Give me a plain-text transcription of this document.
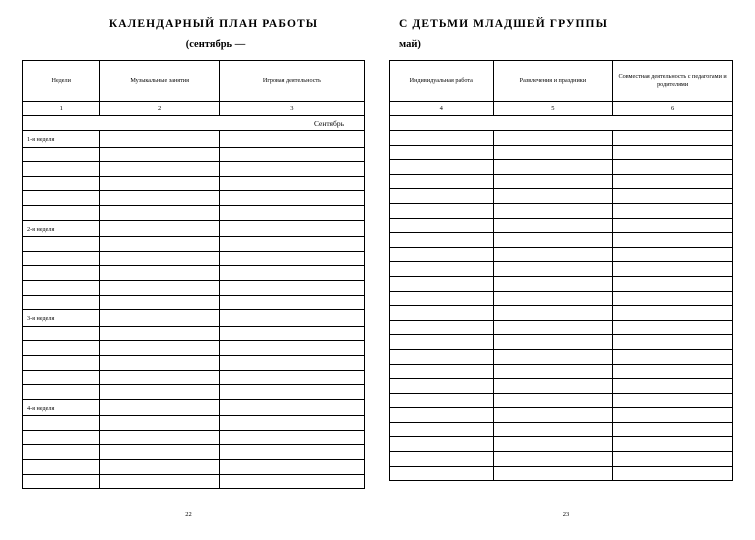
КАЛЕНДАРНЫЙ ПЛАН РАБОТЫ
(сентябрь —
Недели	Музыкальные занятия	Игровая деятельность
1	2	3
Сентябрь		
1-я неделя		

2-я неделя		

3-я неделя		

4-я неделя		

22
С ДЕТЬМИ МЛАДШЕЙ ГРУППЫ
май)
Индивидуальная работа	Развлечения и праздники	Совместная деятельность с педагогами и родителями
4	5	6

23
